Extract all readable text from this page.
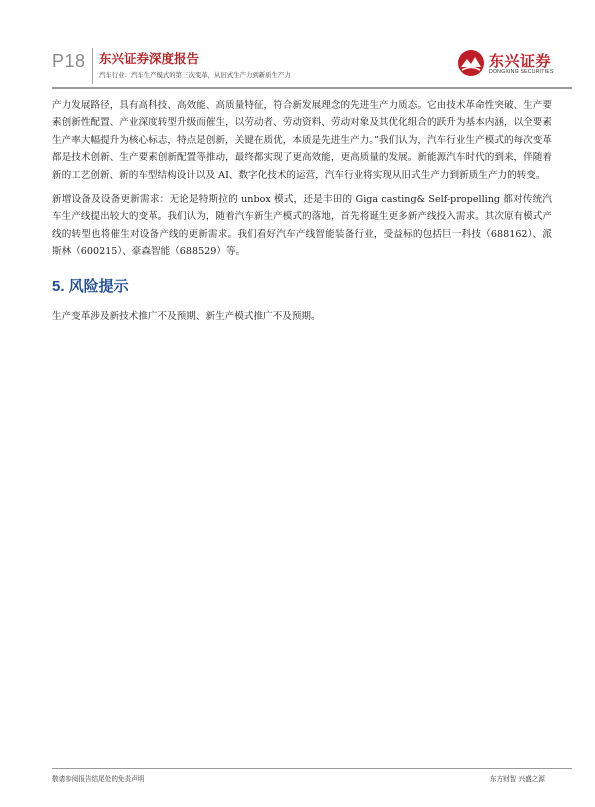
P18 东兴证券深度报告
汽车行业：汽车生产模式的第三次变革，从旧式生产力到新质生产力
东兴证券
DONGXING SECURITIES

产力发展路径，具有高科技、高效能、高质量特征，符合新发展理念的先进生产力质态。它由技术革命性突破、生产要素创新性配置、产业深度转型升级而催生，以劳动者、劳动资料、劳动对象及其优化组合的跃升为基本内涵，以全要素生产率大幅提升为核心标志，特点是创新，关键在质优，本质是先进生产力。”我们认为，汽车行业生产模式的每次变革都是技术创新、生产要素创新配置等推动，最终都实现了更高效能，更高质量的发展。新能源汽车时代的到来，伴随着新的工艺创新、新的车型结构设计以及 AI、数字化技术的运营，汽车行业将实现从旧式生产力到新质生产力的转变。

新增设备及设备更新需求：无论是特斯拉的 unbox 模式，还是丰田的 Giga casting& Self-propelling 都对传统汽车生产线提出较大的变革。我们认为，随着汽车新生产模式的落地，首先将诞生更多新产线投入需求。其次原有模式产线的转型也将催生对设备产线的更新需求。我们看好汽车产线智能装备行业，受益标的包括巨一科技（688162）、派斯林（600215）、豪森智能（688529）等。

5. 风险提示

生产变革涉及新技术推广不及预期、新生产模式推广不及预期。

敬请参阅报告结尾处的免责声明	东方财智 兴盛之源
